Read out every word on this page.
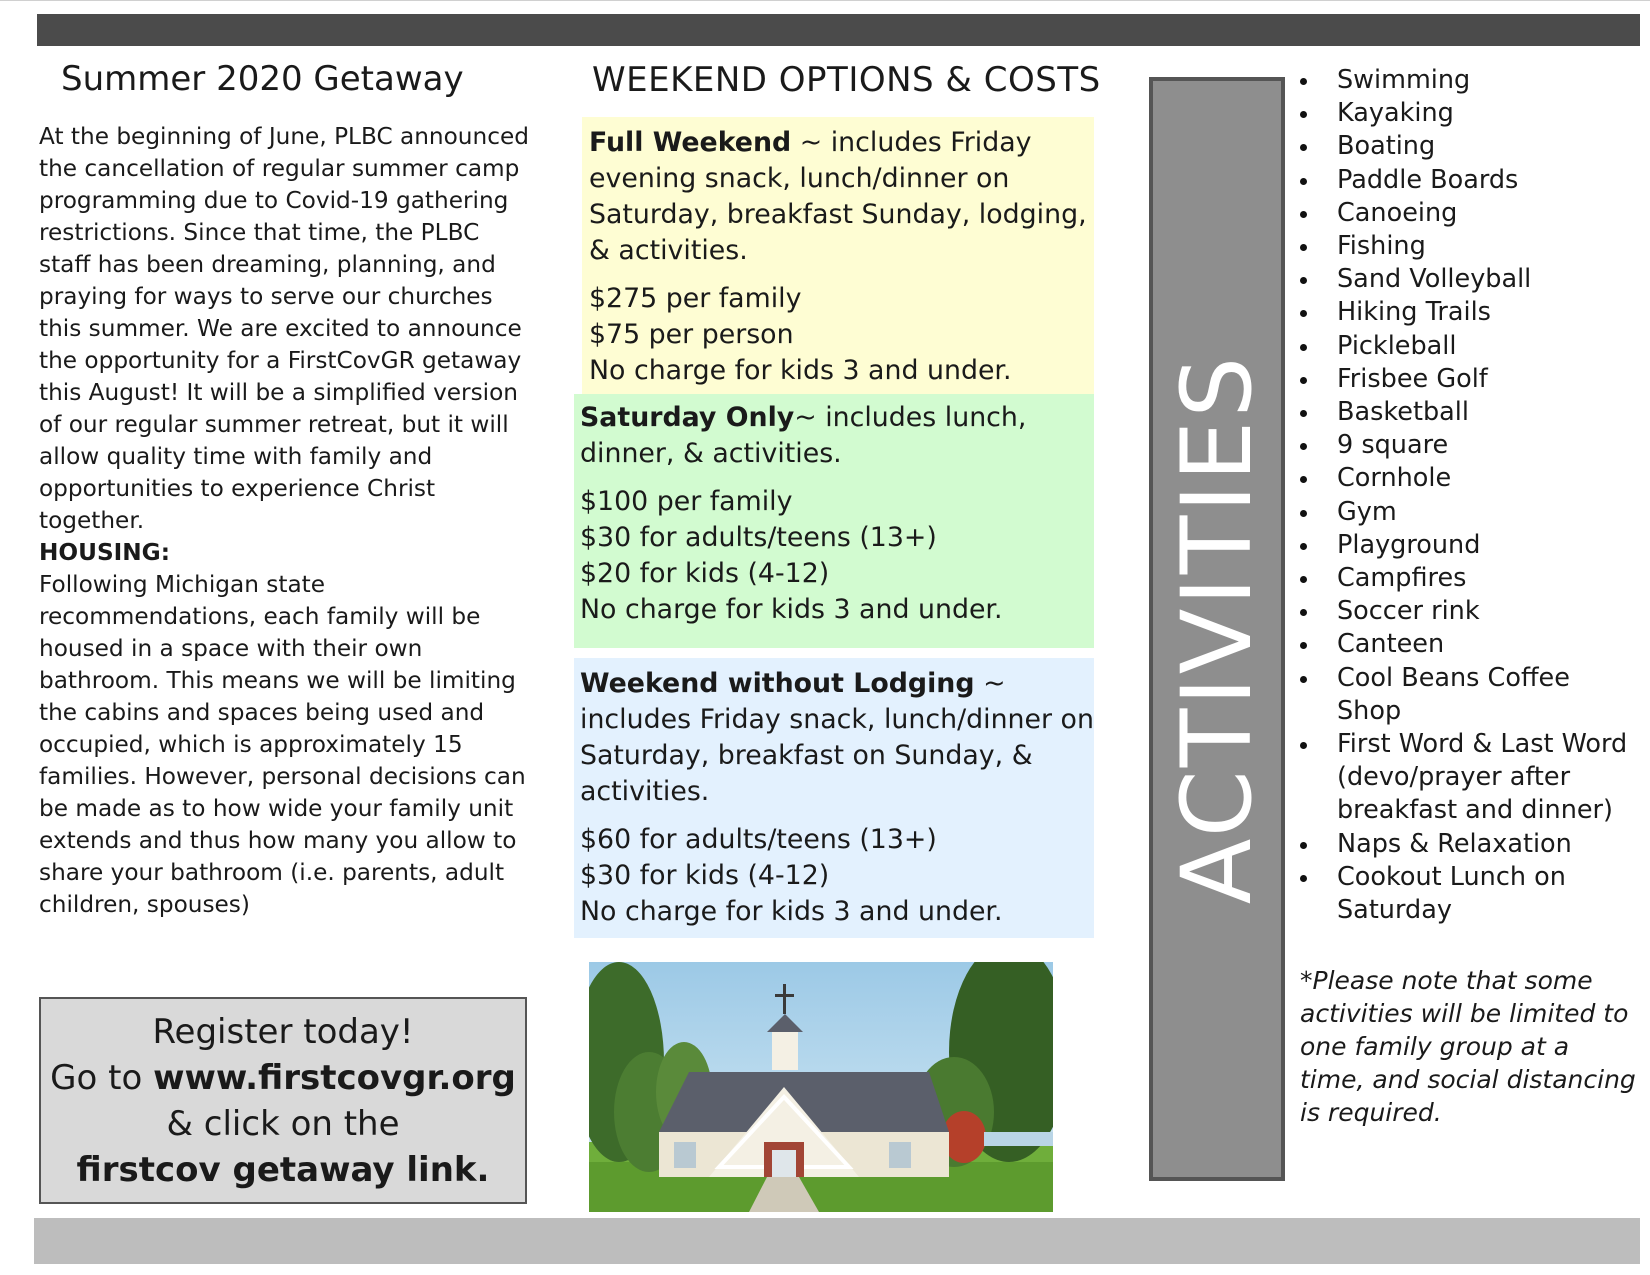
Summer 2020 Getaway

At the beginning of June, PLBC announced the cancellation of regular summer camp programming due to Covid-19 gathering restrictions. Since that time, the PLBC staff has been dreaming, planning, and praying for ways to serve our churches this summer. We are excited to announce the opportunity for a FirstCovGR getaway this August! It will be a simplified version of our regular summer retreat, but it will allow quality time with family and opportunities to experience Christ together.

HOUSING:

Following Michigan state recommendations, each family will be housed in a space with their own bathroom. This means we will be limiting the cabins and spaces being used and occupied, which is approximately 15 families. However, personal decisions can be made as to how wide your family unit extends and thus how many you allow to share your bathroom (i.e. parents, adult children, spouses)

Register today!
Go to www.firstcovgr.org
& click on the
firstcov getaway link.
WEEKEND OPTIONS & COSTS

Full Weekend ~ includes Friday evening snack, lunch/dinner on Saturday, breakfast Sunday, lodging, & activities.

$275 per family

$75 per person

No charge for kids 3 and under.

Saturday Only~ includes lunch, dinner, & activities.

$100 per family

$30 for adults/teens (13+)

$20 for kids (4-12)

No charge for kids 3 and under.

Weekend without Lodging ~ includes Friday snack, lunch/dinner on Saturday, breakfast on Sunday, & activities.

$60 for adults/teens (13+)

$30 for kids (4-12)

No charge for kids 3 and under.

ACTIVITIES
Swimming
Kayaking
Boating
Paddle Boards
Canoeing
Fishing
Sand Volleyball
Hiking Trails
Pickleball
Frisbee Golf
Basketball
9 square
Cornhole
Gym
Playground
Campfires
Soccer rink
Canteen
Cool Beans Coffee Shop
First Word & Last Word (devo/prayer after breakfast and dinner)
Naps & Relaxation
Cookout Lunch on Saturday

*Please note that some activities will be limited to one family group at a time, and social distancing is required.
